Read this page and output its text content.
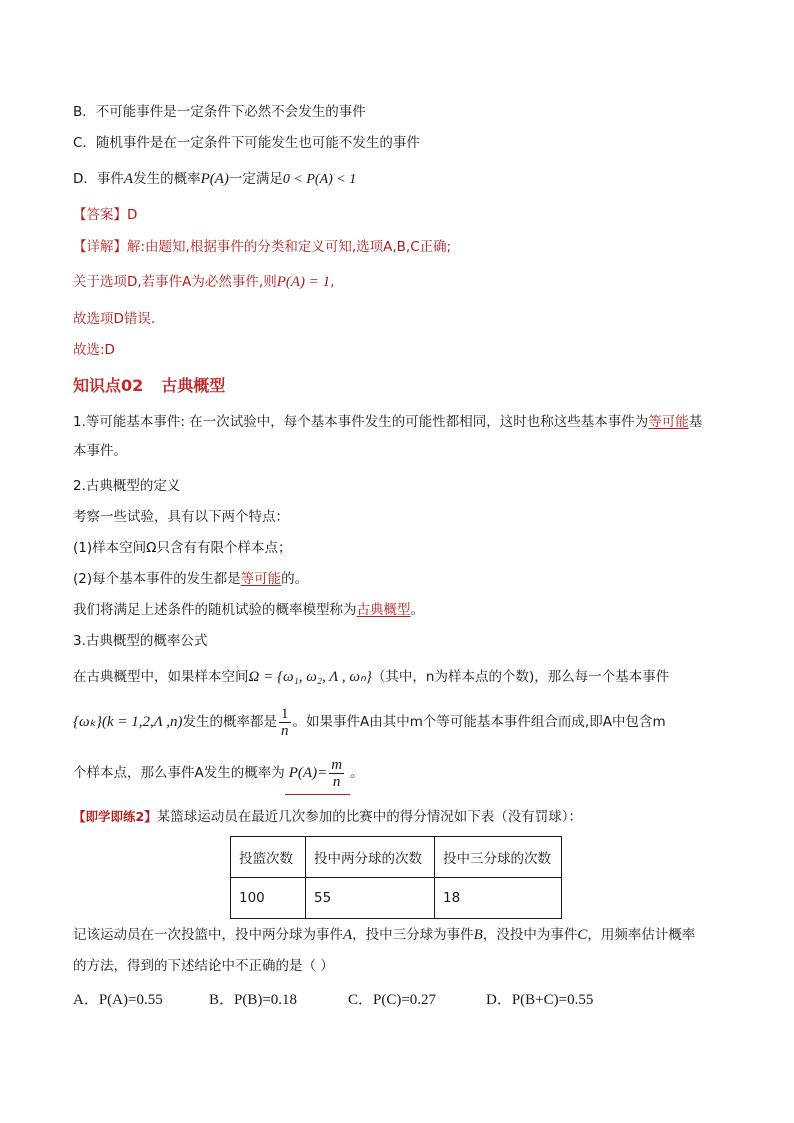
B．不可能事件是一定条件下必然不会发生的事件
C．随机事件是在一定条件下可能发生也可能不发生的事件
D．事件A发生的概率P(A)一定满足0 < P(A) < 1
【答案】D
【详解】解:由题知,根据事件的分类和定义可知,选项A,B,C正确;
关于选项D,若事件A为必然事件,则P(A) = 1,
故选项D错误.
故选:D
知识点02 古典概型
1.等可能基本事件: 在一次试验中，每个基本事件发生的可能性都相同，这时也称这些基本事件为等可能基
本事件。
2.古典概型的定义
考察一些试验，具有以下两个特点：
(1)样本空间Ω只含有有限个样本点；
(2)每个基本事件的发生都是等可能的。
我们将满足上述条件的随机试验的概率模型称为古典概型。
3.古典概型的概率公式
在古典概型中，如果样本空间Ω = {ω₁, ω₂, Λ , ωₙ}（其中，n为样本点的个数)，那么每一个基本事件
{ωₖ}(k = 1,2,Λ ,n)发生的概率都是 $\frac{1}{n}$ 。如果事件A由其中m个等可能基本事件组合而成,即A中包含m
个样本点，那么事件A发生的概率为 $P(A)= \frac{m}{n}$ 。
【即学即练2】某篮球运动员在最近几次参加的比赛中的得分情况如下表（没有罚球）：
投篮次数	投中两分球的次数	投中三分球的次数
100	55	18
记该运动员在一次投篮中，投中两分球为事件A，投中三分球为事件B，没投中为事件C，用频率估计概率
的方法，得到的下述结论中不正确的是（ ）
A．P(A)=0.55	B．P(B)=0.18	C．P(C)=0.27	D．P(B+C)=0.55
